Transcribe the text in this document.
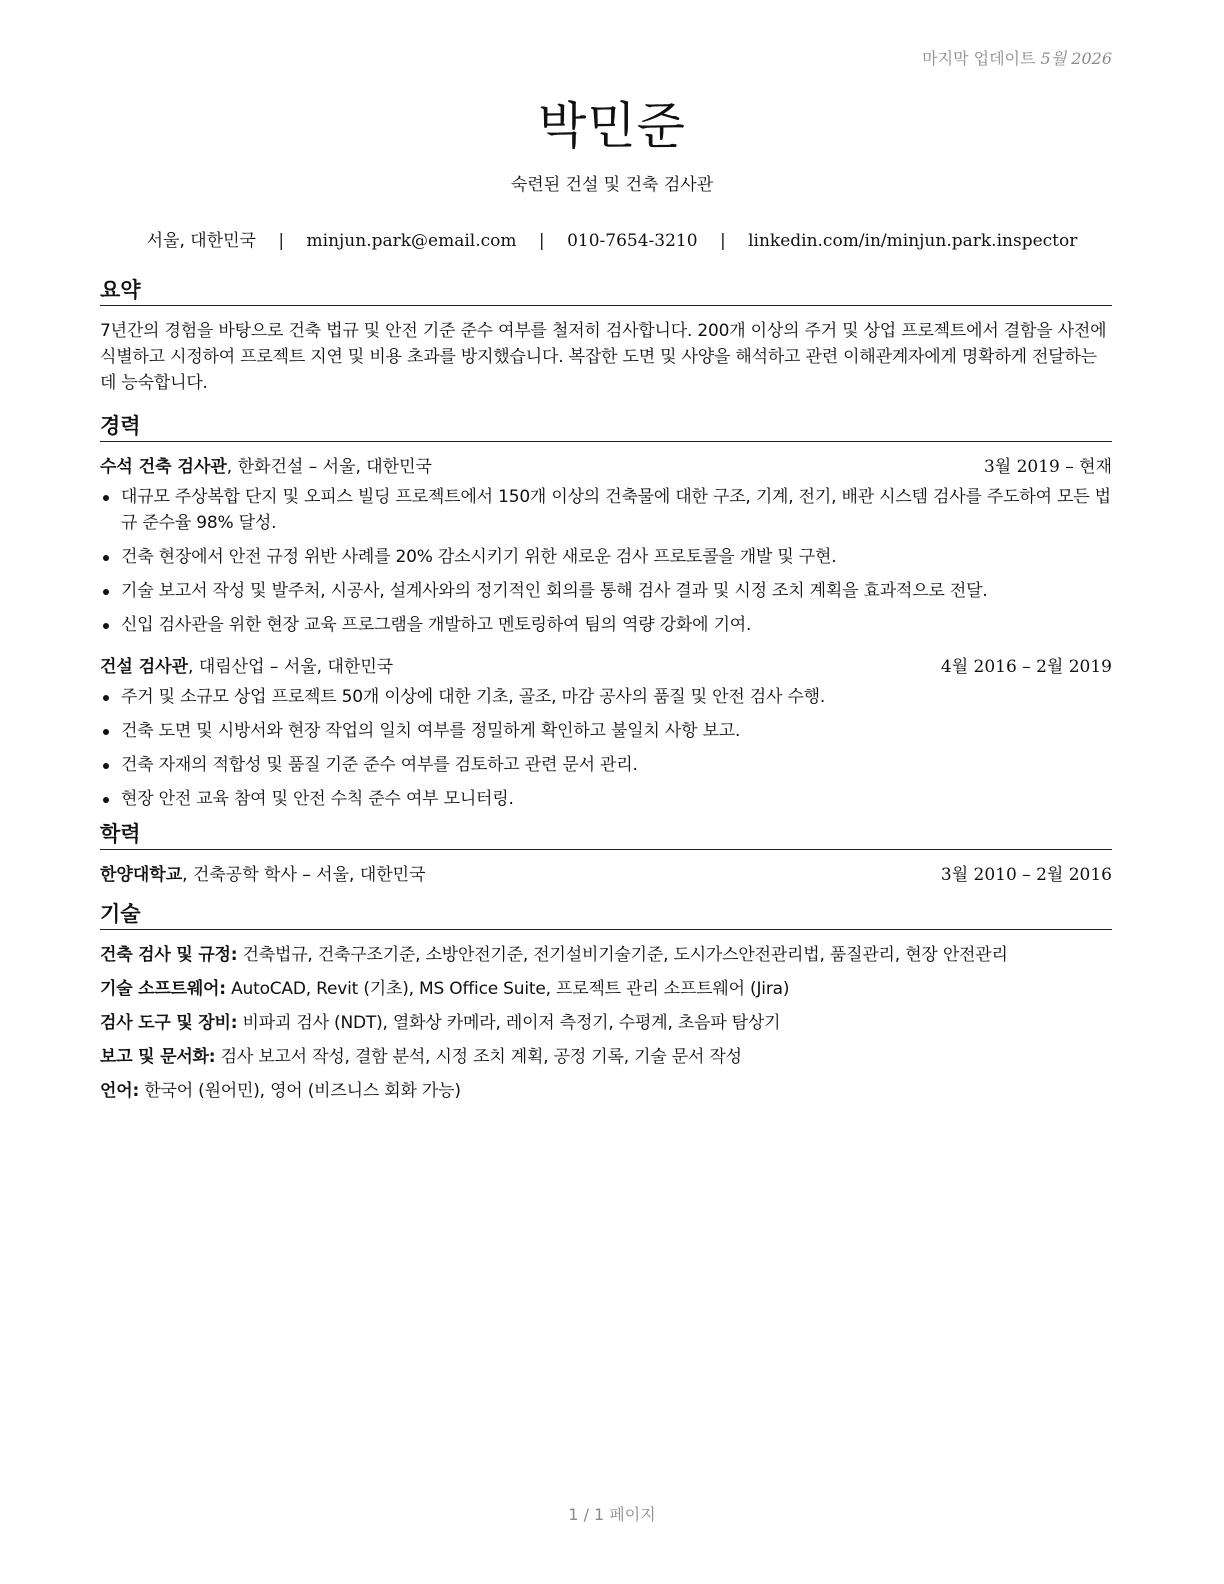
마지막 업데이트 5월 2026
박민준
숙련된 건설 및 건축 검사관
서울, 대한민국 | minjun.park@email.com | 010-7654-3210 | linkedin.com/in/minjun.park.inspector
요약
7년간의 경험을 바탕으로 건축 법규 및 안전 기준 준수 여부를 철저히 검사합니다. 200개 이상의 주거 및 상업 프로젝트에서 결함을 사전에 식별하고 시정하여 프로젝트 지연 및 비용 초과를 방지했습니다. 복잡한 도면 및 사양을 해석하고 관련 이해관계자에게 명확하게 전달하는 데 능숙합니다.
경력
수석 건축 검사관, 한화건설 – 서울, 대한민국	3월 2019 – 현재
대규모 주상복합 단지 및 오피스 빌딩 프로젝트에서 150개 이상의 건축물에 대한 구조, 기계, 전기, 배관 시스템 검사를 주도하여 모든 법규 준수율 98% 달성.
건축 현장에서 안전 규정 위반 사례를 20% 감소시키기 위한 새로운 검사 프로토콜을 개발 및 구현.
기술 보고서 작성 및 발주처, 시공사, 설계사와의 정기적인 회의를 통해 검사 결과 및 시정 조치 계획을 효과적으로 전달.
신입 검사관을 위한 현장 교육 프로그램을 개발하고 멘토링하여 팀의 역량 강화에 기여.
건설 검사관, 대림산업 – 서울, 대한민국	4월 2016 – 2월 2019
주거 및 소규모 상업 프로젝트 50개 이상에 대한 기초, 골조, 마감 공사의 품질 및 안전 검사 수행.
건축 도면 및 시방서와 현장 작업의 일치 여부를 정밀하게 확인하고 불일치 사항 보고.
건축 자재의 적합성 및 품질 기준 준수 여부를 검토하고 관련 문서 관리.
현장 안전 교육 참여 및 안전 수칙 준수 여부 모니터링.
학력
한양대학교, 건축공학 학사 – 서울, 대한민국	3월 2010 – 2월 2016
기술
건축 검사 및 규정: 건축법규, 건축구조기준, 소방안전기준, 전기설비기술기준, 도시가스안전관리법, 품질관리, 현장 안전관리
기술 소프트웨어: AutoCAD, Revit (기초), MS Office Suite, 프로젝트 관리 소프트웨어 (Jira)
검사 도구 및 장비: 비파괴 검사 (NDT), 열화상 카메라, 레이저 측정기, 수평계, 초음파 탐상기
보고 및 문서화: 검사 보고서 작성, 결함 분석, 시정 조치 계획, 공정 기록, 기술 문서 작성
언어: 한국어 (원어민), 영어 (비즈니스 회화 가능)
1 / 1 페이지
